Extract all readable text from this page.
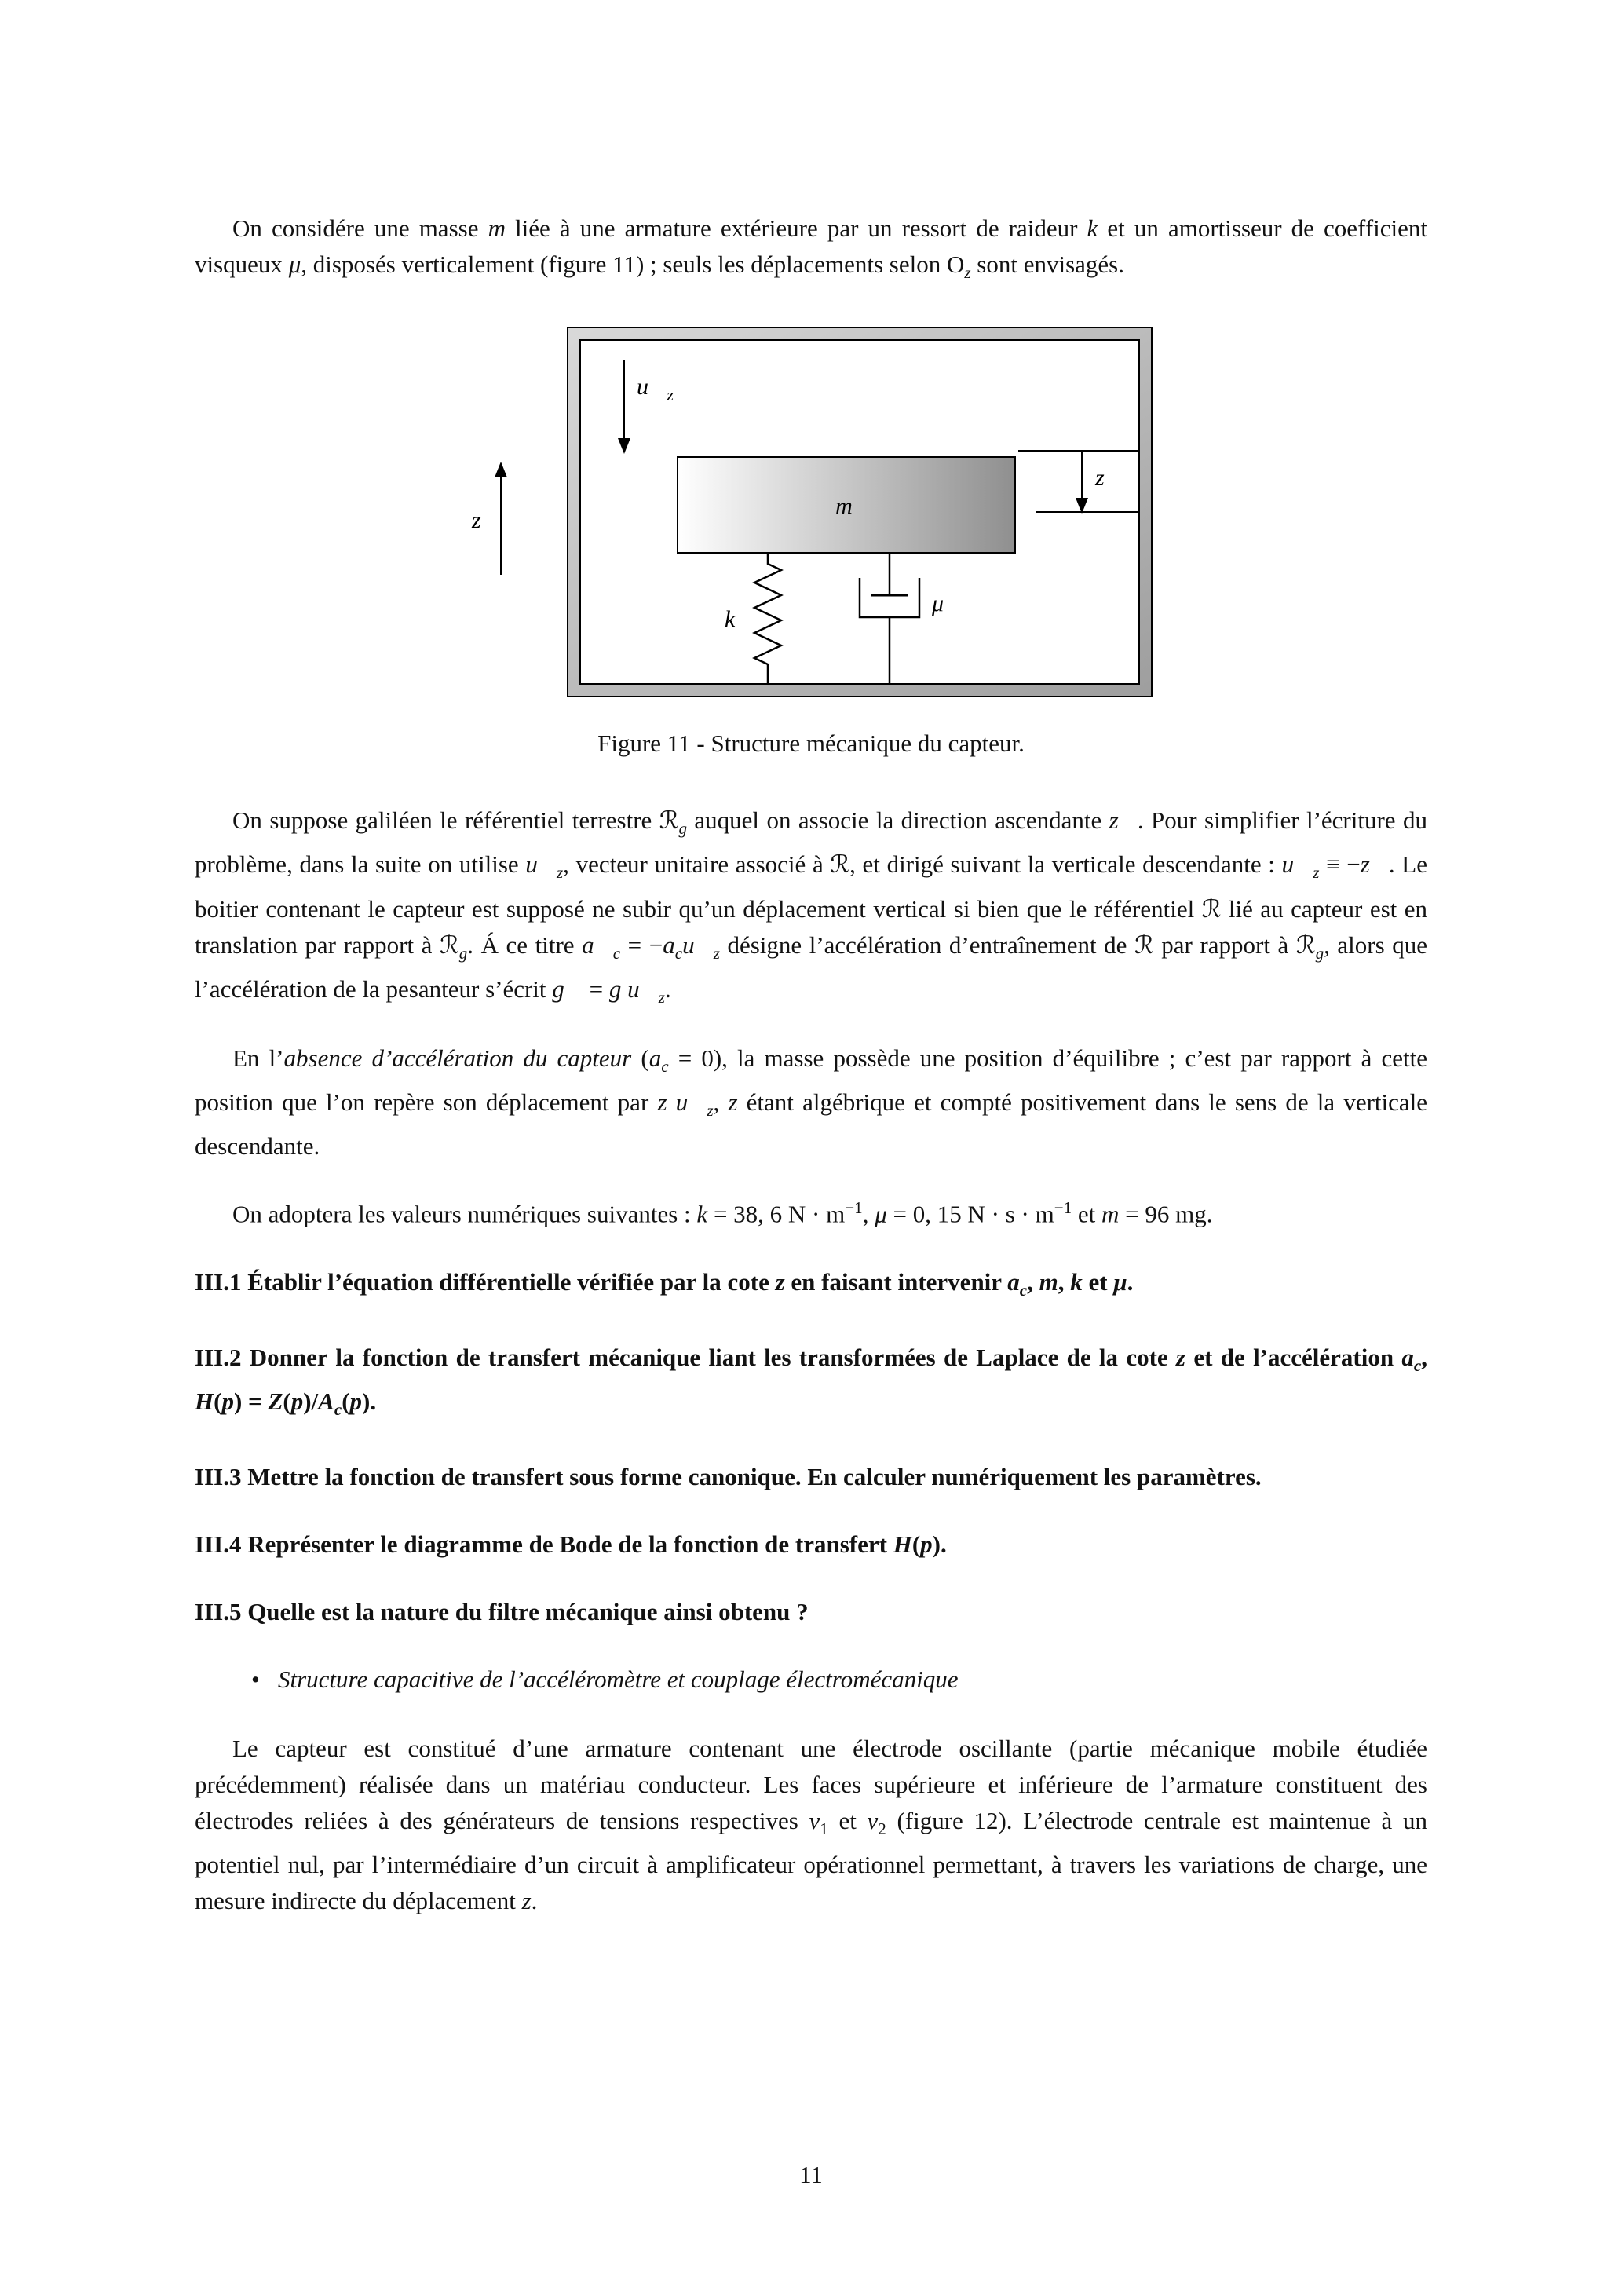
On considére une masse m liée à une armature extérieure par un ressort de raideur k et un amortisseur de coefficient visqueux μ, disposés verticalement (figure 11) ; seuls les déplacements selon $O_z$ sont envisagés.

$u⃗_z$
z⃗
m
z⃗
k
μ
Figure 11 - Structure mécanique du capteur.

On suppose galiléen le référentiel terrestre ℛ$_g$ auquel on associe la direction ascendante z⃗. Pour simplifier l’écriture du problème, dans la suite on utilise $u⃗_z$, vecteur unitaire associé à ℛ, et dirigé suivant la verticale descendante : $u⃗_z$ ≡ −z⃗. Le boitier contenant le capteur est supposé ne subir qu’un déplacement vertical si bien que le référentiel ℛ lié au capteur est en translation par rapport à ℛ$_g$. Á ce titre $a⃗_c$ = $-a_cu⃗_z$ désigne l’accélération d’entraînement de ℛ par rapport à ℛ$_g$, alors que l’accélération de la pesanteur s’écrit g⃗ = g $u⃗_z$.

En l’absence d’accélération du capteur $(a_c = 0)$, la masse possède une position d’équilibre ; c’est par rapport à cette position que l’on repère son déplacement par z $u⃗_z$, z étant algébrique et compté positivement dans le sens de la verticale descendante.

On adoptera les valeurs numériques suivantes : k = 38, 6 $N \cdot m^{-1}$, μ = 0, 15 $N \cdot s \cdot m^{-1}$ et m = 96 mg.

III.1 Établir l’équation différentielle vérifiée par la cote z en faisant intervenir $a_c$, m, k et μ.

III.2 Donner la fonction de transfert mécanique liant les transformées de Laplace de la cote z et de l’accélération $a_c$, $H(p) = Z(p)/A_c(p)$.

III.3 Mettre la fonction de transfert sous forme canonique. En calculer numériquement les paramètres.

III.4 Représenter le diagramme de Bode de la fonction de transfert H(p).

III.5 Quelle est la nature du filtre mécanique ainsi obtenu ?

• Structure capacitive de l’accéléromètre et couplage électromécanique

Le capteur est constitué d’une armature contenant une électrode oscillante (partie mécanique mobile étudiée précédemment) réalisée dans un matériau conducteur. Les faces supérieure et inférieure de l’armature constituent des électrodes reliées à des générateurs de tensions respectives $v_1$ et $v_2$ (figure 12). L’électrode centrale est maintenue à un potentiel nul, par l’intermédiaire d’un circuit à amplificateur opérationnel permettant, à travers les variations de charge, une mesure indirecte du déplacement z.

11
